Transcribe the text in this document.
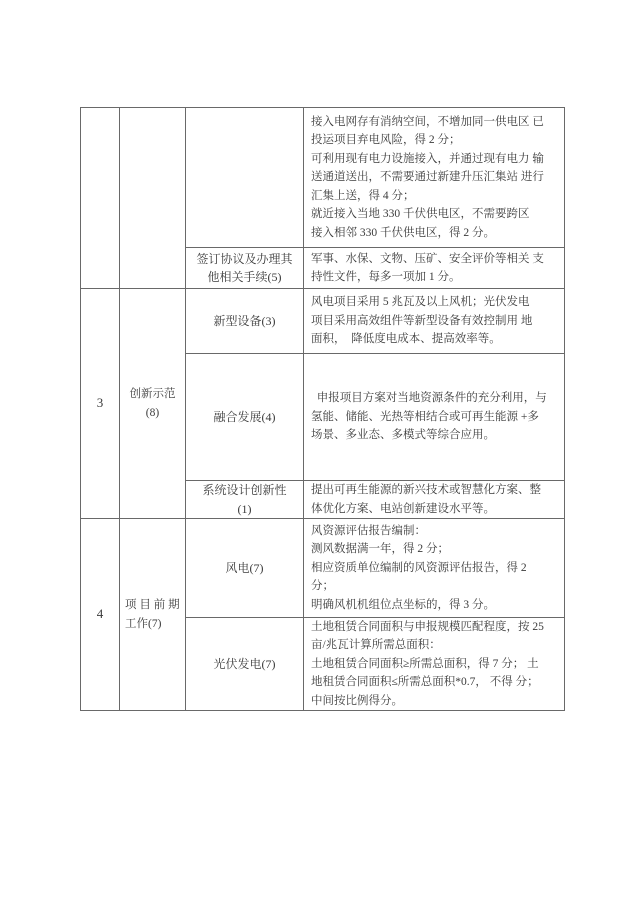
接入电网存有消纳空间，不增加同一供电区 已
投运项目弃电风险，得 2 分；
可利用现有电力设施接入，并通过现有电力 输
送通道送出，不需要通过新建升压汇集站 进行
汇集上送，得 4 分；
就近接入当地 330 千伏供电区，不需要跨区
接入相邻 330 千伏供电区，得 2 分。
签订协议及办理其
他相关手续(5)
军事、水保、文物、压矿、安全评价等相关 支
持性文件，每多一项加 1 分。
3
创新示范
(8)
新型设备(3)
风电项目采用 5 兆瓦及以上风机；光伏发电
项目采用高效组件等新型设备有效控制用 地
面积，  降低度电成本、提高效率等。
融合发展(4)
申报项目方案对当地资源条件的充分利用，与
氢能、储能、光热等相结合或可再生能源 +多
场景、多业态、多模式等综合应用。
系统设计创新性
(1)
提出可再生能源的新兴技术或智慧化方案、整
体优化方案、电站创新建设水平等。
4
项 目 前 期
工作(7)
风电(7)
风资源评估报告编制：
测风数据满一年，得 2 分；
相应资质单位编制的风资源评估报告，得 2
分；
明确风机机组位点坐标的，得 3 分。
光伏发电(7)
土地租赁合同面积与申报规模匹配程度，按 25
亩/兆瓦计算所需总面积：
土地租赁合同面积≥所需总面积，得 7 分； 土
地租赁合同面积≤所需总面积*0.7， 不得 分；
中间按比例得分。
